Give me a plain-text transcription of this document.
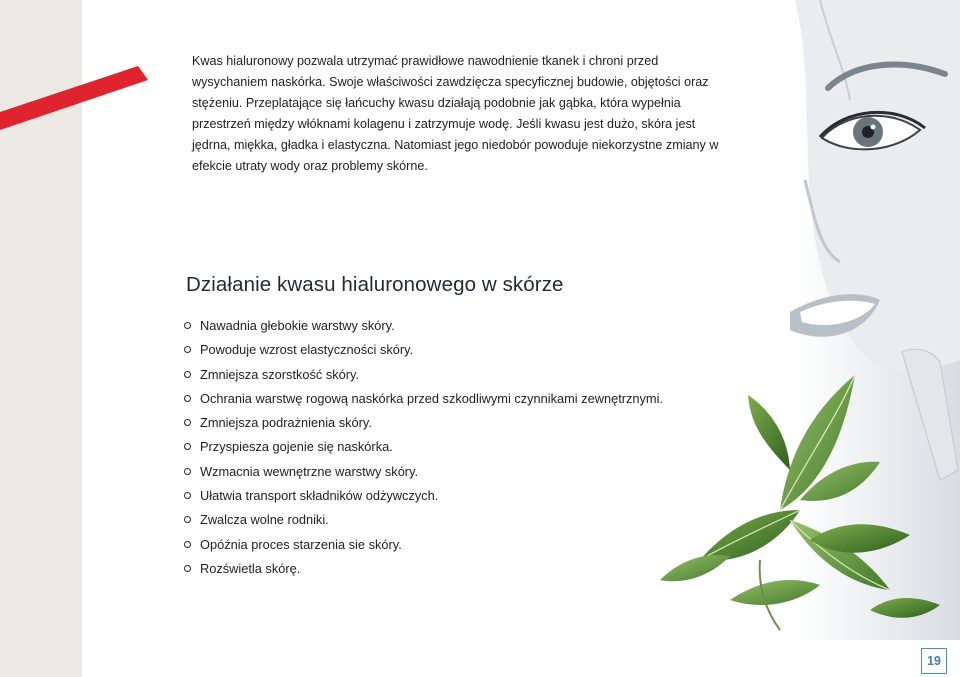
Kwas hialuronowy pozwala utrzymać prawidłowe nawodnienie tkanek i chroni przed wysychaniem naskórka. Swoje właściwości zawdzięcza specyficznej budowie, objętości oraz stężeniu. Przeplatające się łańcuchy kwasu działają podobnie jak gąbka, która wypełnia przestrzeń między włóknami kolagenu i zatrzymuje wodę. Jeśli kwasu jest dużo, skóra jest jędrna, miękka, gładka i elastyczna. Natomiast jego niedobór powoduje niekorzystne zmiany w efekcie utraty wody oraz problemy skórne.

Działanie kwasu hialuronowego w skórze
Nawadnia głebokie warstwy skóry.
Powoduje wzrost elastyczności skóry.
Zmniejsza szorstkość skóry.
Ochrania warstwę rogową naskórka przed szkodliwymi czynnikami zewnętrznymi.
Zmniejsza podrażnienia skóry.
Przyspiesza gojenie się naskórka.
Wzmacnia wewnętrzne warstwy skóry.
Ułatwia transport składników odżywczych.
Zwalcza wolne rodniki.
Opóźnia proces starzenia sie skóry.
Rozświetla skórę.
19
